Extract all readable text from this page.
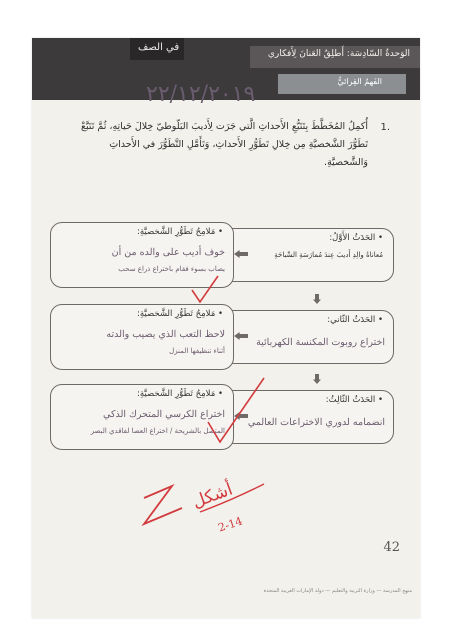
في الصف
الوَحدةُ السّادِسَة: أَطلِقُ العَنانَ لِأَفكاري
الفَهمُ القِرائيُّ
٢٢/١٢/٢٠١٩
1.
أُكمِلُ المُخَطَّطَ بِتَتَبُّعِ الأَحداثِ الَّتي جَرَت لِأَديبَ البَلّوطيّ خِلالَ حَياتِهِ، ثُمَّ تَتَبَّعْ تَطَوُّرَ الشَّخصيَّةِ مِن خِلالِ تَطَوُّرِ الأَحداثِ، وَتَأَمَّلِ التَّطَوُّرَ في الأَحداثِ وَالشَّخصيَّةِ.
• الحَدَثُ الأَوَّلُ:
مُعاناةُ والِدِ أَديبَ عِندَ مُمارَسَةِ السِّباحَةِ
• الحَدَثُ الثّاني:
اختراع روبوت المكنسة الكهربائية
• الحَدَثُ الثّالِثُ:
انضمامه لدوري الاختراعات العالمي
• مَلامِحُ تَطَوُّرِ الشَّخصيَّةِ:
خوف أديب على والده من أن
يصاب بسوء فقام باختراع ذراع سحب
• مَلامِحُ تَطَوُّرِ الشَّخصيَّةِ:
لاحظ التعب الذي يصيب والدته
أثناء تنظيفها المنزل
• مَلامِحُ تَطَوُّرِ الشَّخصيَّةِ:
اختراع الكرسي المتحرك الذكي
المتصل بالشريحة / اختراع العصا لفاقدي البصر
أشكل
2-14
42
منهج المدرسة — وزارة التربية والتعليم — دولة الإمارات العربية المتحدة
